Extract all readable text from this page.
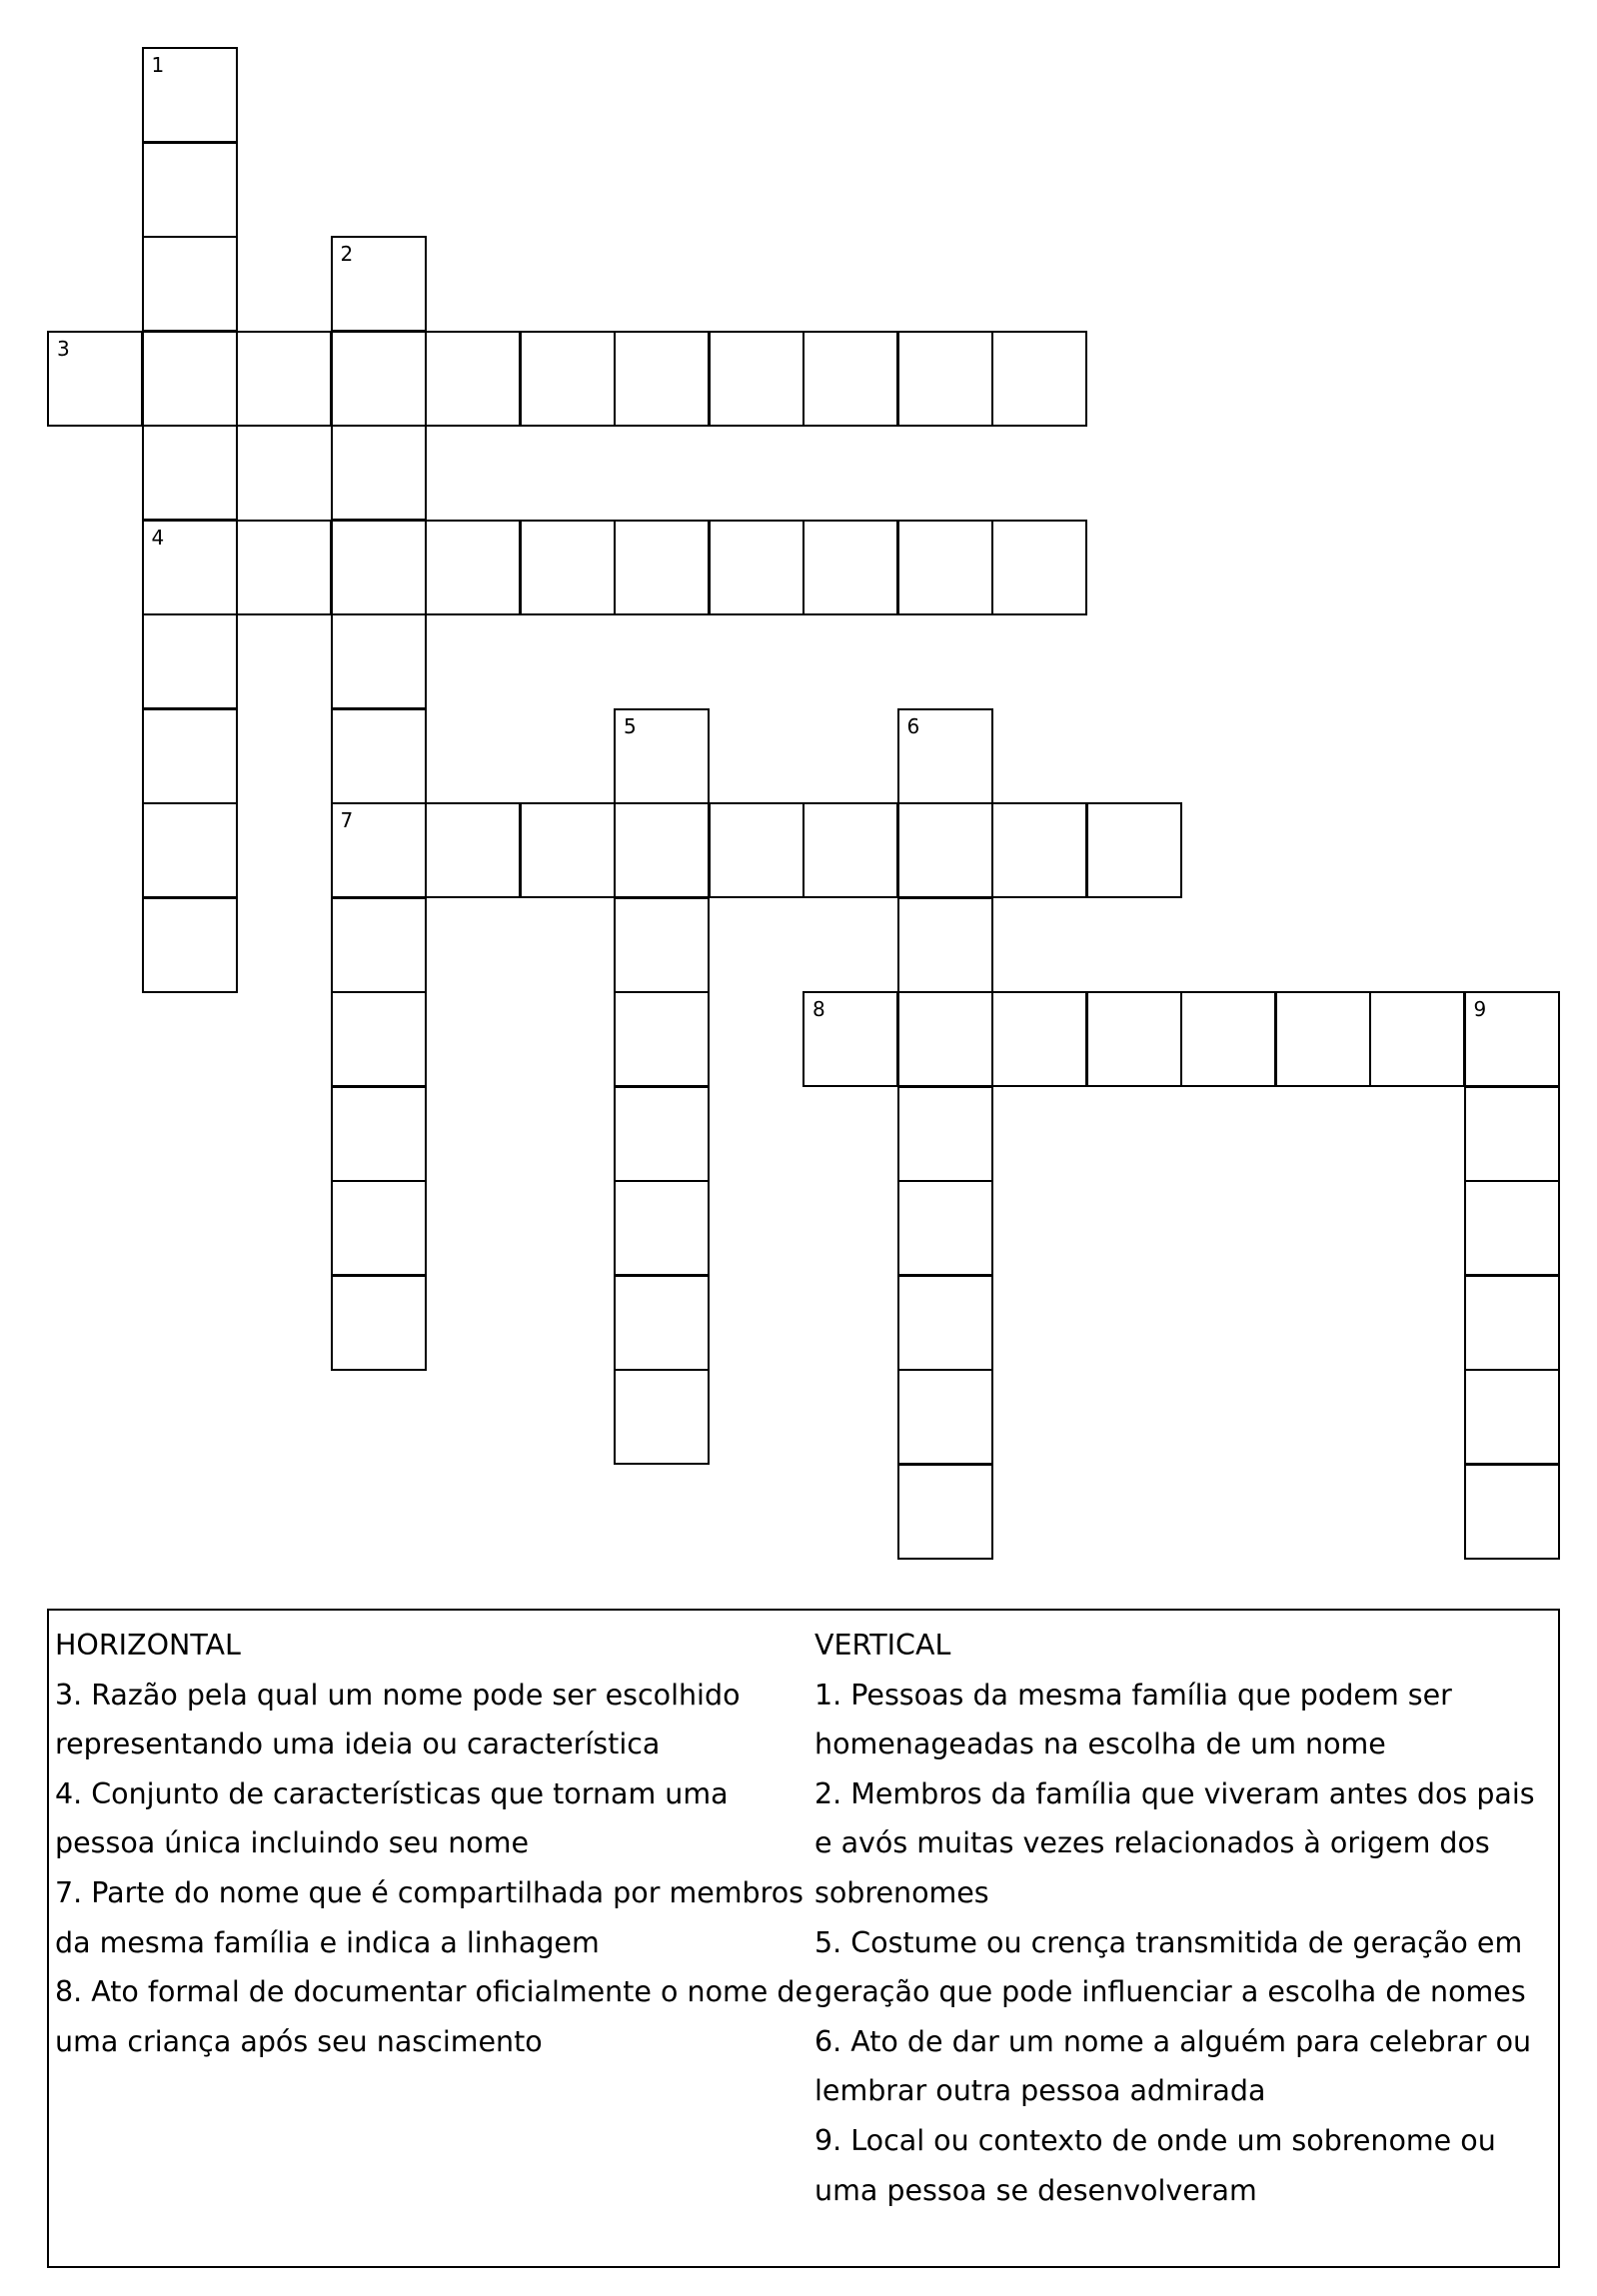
1
4
2
7
3
5	6
8	9
HORIZONTAL
3. Razão pela qual um nome pode ser escolhido representando uma ideia ou característica
4. Conjunto de características que tornam uma pessoa única incluindo seu nome
7. Parte do nome que é compartilhada por membros da mesma família e indica a linhagem
8. Ato formal de documentar oficialmente o nome de uma criança após seu nascimento
VERTICAL
1. Pessoas da mesma família que podem ser homenageadas na escolha de um nome
2. Membros da família que viveram antes dos pais e avós muitas vezes relacionados à origem dos sobrenomes
5. Costume ou crença transmitida de geração em geração que pode influenciar a escolha de nomes
6. Ato de dar um nome a alguém para celebrar ou lembrar outra pessoa admirada
9. Local ou contexto de onde um sobrenome ou uma pessoa se desenvolveram
